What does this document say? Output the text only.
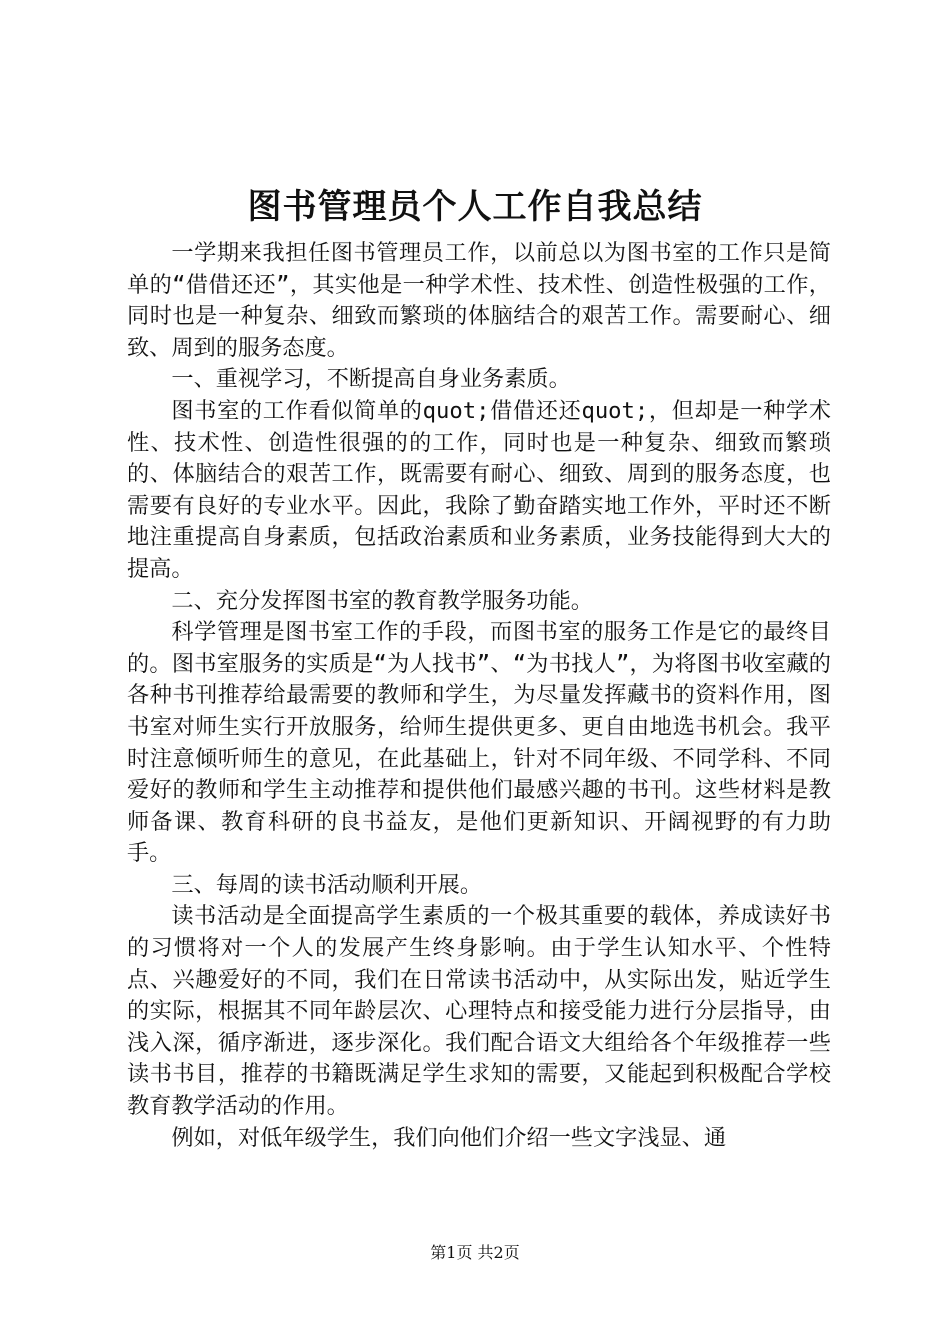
图书管理员个人工作自我总结

一学期来我担任图书管理员工作，以前总以为图书室的工作只是简单的“借借还还”，其实他是一种学术性、技术性、创造性极强的工作，同时也是一种复杂、细致而繁琐的体脑结合的艰苦工作。需要耐心、细致、周到的服务态度。

一、重视学习，不断提高自身业务素质。

图书室的工作看似简单的quot;借借还还quot;，但却是一种学术性、技术性、创造性很强的的工作，同时也是一种复杂、细致而繁琐的、体脑结合的艰苦工作，既需要有耐心、细致、周到的服务态度，也需要有良好的专业水平。因此，我除了勤奋踏实地工作外，平时还不断地注重提高自身素质，包括政治素质和业务素质，业务技能得到大大的提高。

二、充分发挥图书室的教育教学服务功能。

科学管理是图书室工作的手段，而图书室的服务工作是它的最终目的。图书室服务的实质是“为人找书”、“为书找人”，为将图书收室藏的各种书刊推荐给最需要的教师和学生，为尽量发挥藏书的资料作用，图书室对师生实行开放服务，给师生提供更多、更自由地选书机会。我平时注意倾听师生的意见，在此基础上，针对不同年级、不同学科、不同爱好的教师和学生主动推荐和提供他们最感兴趣的书刊。这些材料是教师备课、教育科研的良书益友，是他们更新知识、开阔视野的有力助手。

三、每周的读书活动顺利开展。

读书活动是全面提高学生素质的一个极其重要的载体，养成读好书的习惯将对一个人的发展产生终身影响。由于学生认知水平、个性特点、兴趣爱好的不同，我们在日常读书活动中，从实际出发，贴近学生的实际，根据其不同年龄层次、心理特点和接受能力进行分层指导，由浅入深，循序渐进，逐步深化。我们配合语文大组给各个年级推荐一些读书书目，推荐的书籍既满足学生求知的需要，又能起到积极配合学校教育教学活动的作用。

例如，对低年级学生，我们向他们介绍一些文字浅显、通

第1页 共2页
